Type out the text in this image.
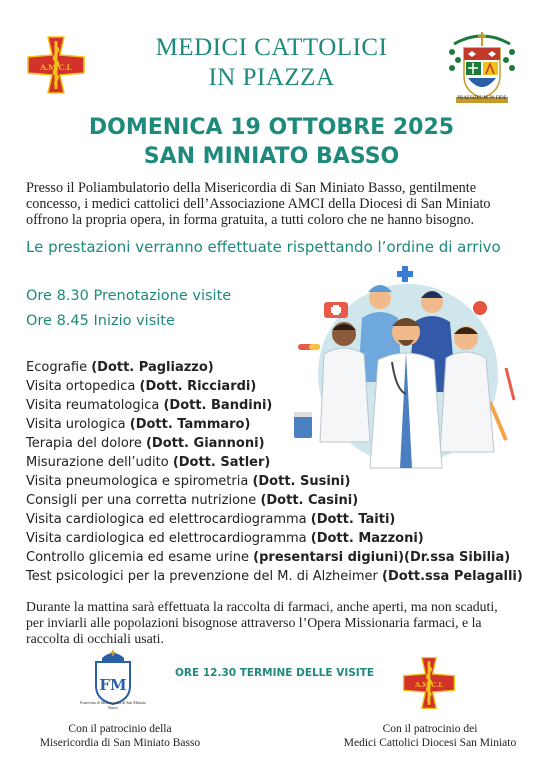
A.M.C.I.
PRAESIDIUM IN FIDE
MEDICI CATTOLICI
IN PIAZZA
DOMENICA 19 OTTOBRE 2025
SAN MINIATO BASSO
Presso il Poliambulatorio della Misericordia di San Miniato Basso, gentilmente concesso, i medici cattolici dell’Associazione AMCI della Diocesi di San Miniato offrono la propria opera, in forma gratuita, a tutti coloro che ne hanno bisogno.
Le prestazioni verranno effettuate rispettando l’ordine di arrivo
Ore 8.30 Prenotazione visite
Ore 8.45 Inizio visite
Ecografie (Dott. Pagliazzo)
Visita ortopedica (Dott. Ricciardi)
Visita reumatologica (Dott. Bandini)
Visita urologica (Dott. Tammaro)
Terapia del dolore (Dott. Giannoni)
Misurazione dell’udito (Dott. Satler)
Visita pneumologica e spirometria (Dott. Susini)
Consigli per una corretta nutrizione (Dott. Casini)
Visita cardiologica ed elettrocardiogramma (Dott. Taiti)
Visita cardiologica ed elettrocardiogramma (Dott. Mazzoni)
Controllo glicemia ed esame urine (presentarsi digiuni)(Dr.ssa Sibilia)
Test psicologici per la prevenzione del M. di Alzheimer (Dott.ssa Pelagalli)
Durante la mattina sarà effettuata la raccolta di farmaci, anche aperti, ma non scaduti, per inviarli alle popolazioni bisognose attraverso l’Opera Missionaria farmaci, e la raccolta di occhiali usati.
ORE 12.30 TERMINE DELLE VISITE
FM
Fraternita di Misericordia di San Miniato Basso
A.M.C.I.
Con il patrocinio della
Misericordia di San Miniato Basso
Con il patrocinio dei
Medici Cattolici Diocesi San Miniato
